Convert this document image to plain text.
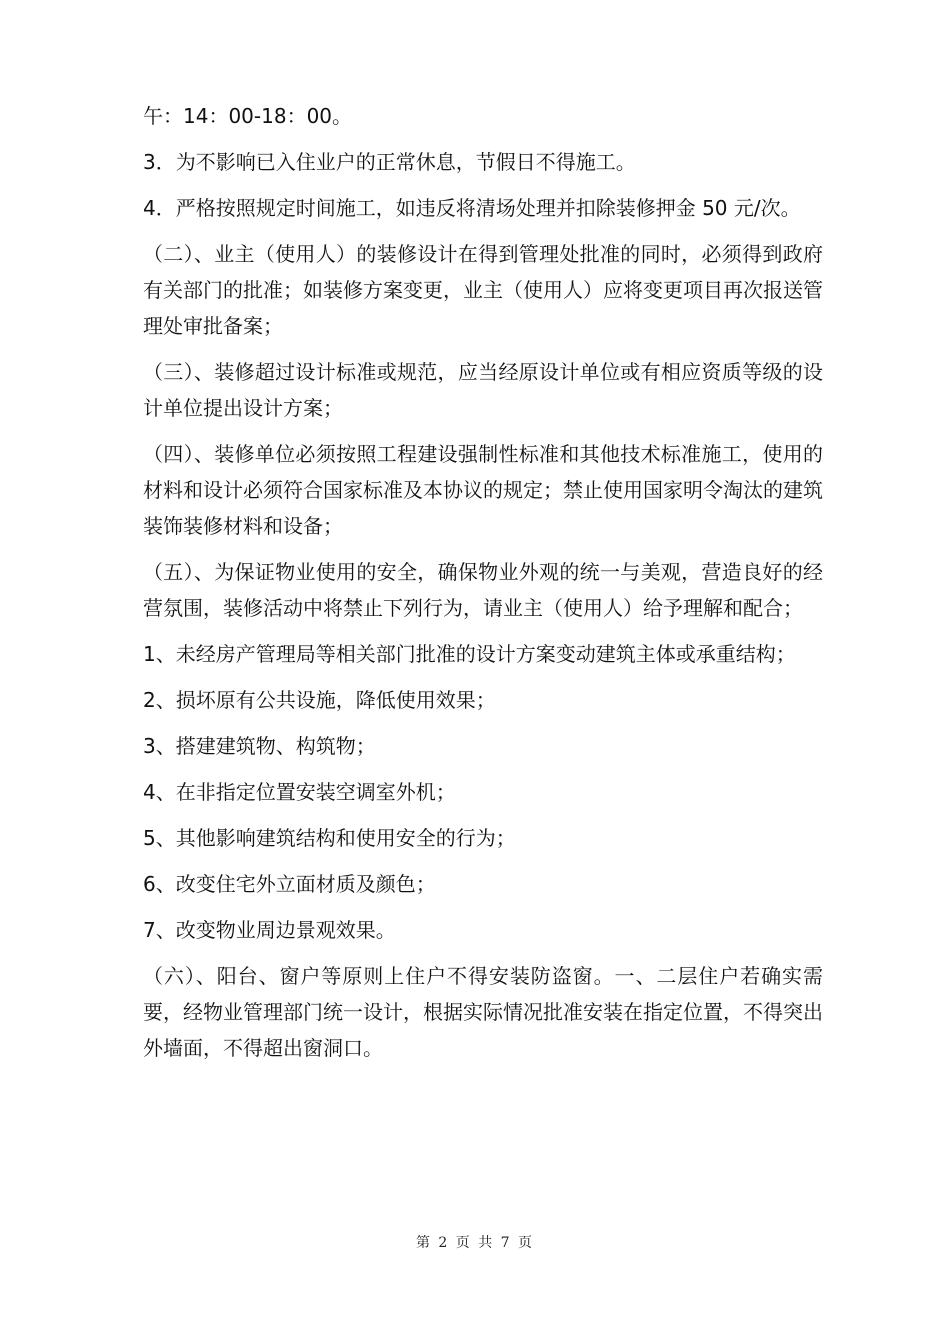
午：14：00-18：00。

3．为不影响已入住业户的正常休息，节假日不得施工。

4．严格按照规定时间施工，如违反将清场处理并扣除装修押金 50 元/次。

（二）、业主（使用人）的装修设计在得到管理处批准的同时，必须得到政府有关部门的批准；如装修方案变更，业主（使用人）应将变更项目再次报送管理处审批备案；

（三）、装修超过设计标准或规范，应当经原设计单位或有相应资质等级的设计单位提出设计方案；

（四）、装修单位必须按照工程建设强制性标准和其他技术标准施工，使用的材料和设计必须符合国家标准及本协议的规定；禁止使用国家明令淘汰的建筑装饰装修材料和设备；

（五）、为保证物业使用的安全，确保物业外观的统一与美观，营造良好的经营氛围，装修活动中将禁止下列行为，请业主（使用人）给予理解和配合；

1、未经房产管理局等相关部门批准的设计方案变动建筑主体或承重结构；

2、损坏原有公共设施，降低使用效果；

3、搭建建筑物、构筑物；

4、在非指定位置安装空调室外机；

5、其他影响建筑结构和使用安全的行为；

6、改变住宅外立面材质及颜色；

7、改变物业周边景观效果。

（六）、阳台、窗户等原则上住户不得安装防盗窗。一、二层住户若确实需要，经物业管理部门统一设计，根据实际情况批准安装在指定位置，不得突出外墙面，不得超出窗洞口。

第 2 页 共 7 页
